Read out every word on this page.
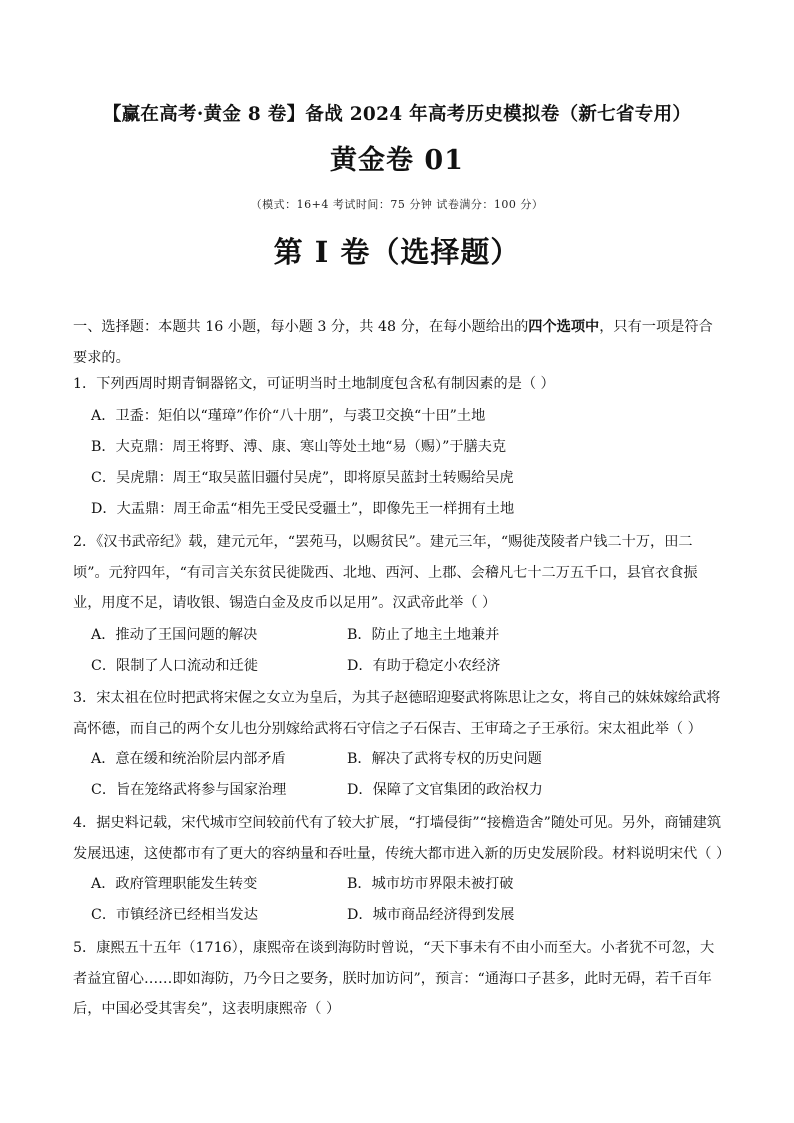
【赢在高考·黄金 8 卷】备战 2024 年高考历史模拟卷（新七省专用）
黄金卷 01
（模式：16+4 考试时间：75 分钟 试卷满分：100 分）
第 I 卷（选择题）
一、选择题：本题共 16 小题，每小题 3 分，共 48 分，在每小题给出的四个选项中，只有一项是符合要求的。
1．下列西周时期青铜器铭文，可证明当时土地制度包含私有制因素的是（ ）
A．卫盉：矩伯以“瑾璋”作价“八十朋”，与裘卫交换“十田”土地
B．大克鼎：周王将野、溥、康、寒山等处土地“易（赐）”于膳夫克
C．吴虎鼎：周王“取吴蓝旧疆付吴虎”，即将原吴蓝封土转赐给吴虎
D．大盂鼎：周王命盂“相先王受民受疆土”，即像先王一样拥有土地
2．《汉书武帝纪》载，建元元年，“罢苑马，以赐贫民”。建元三年，“赐徙茂陵者户钱二十万，田二顷”。元狩四年，“有司言关东贫民徙陇西、北地、西河、上郡、会稽凡七十二万五千口，县官衣食振业，用度不足，请收银、锡造白金及皮币以足用”。汉武帝此举（ ）
A．推动了王国问题的解决	B．防止了地主土地兼并
C．限制了人口流动和迁徙	D．有助于稳定小农经济
3．宋太祖在位时把武将宋偓之女立为皇后，为其子赵德昭迎娶武将陈思让之女，将自己的妹妹嫁给武将高怀德，而自己的两个女儿也分别嫁给武将石守信之子石保吉、王审琦之子王承衍。宋太祖此举（ ）
A．意在缓和统治阶层内部矛盾	B．解决了武将专权的历史问题
C．旨在笼络武将参与国家治理	D．保障了文官集团的政治权力
4．据史料记载，宋代城市空间较前代有了较大扩展，“打墙侵街”“接檐造舍”随处可见。另外，商铺建筑发展迅速，这使都市有了更大的容纳量和吞吐量，传统大都市进入新的历史发展阶段。材料说明宋代（ ）
A．政府管理职能发生转变	B．城市坊市界限未被打破
C．市镇经济已经相当发达	D．城市商品经济得到发展
5．康熙五十五年（1716），康熙帝在谈到海防时曾说，“天下事未有不由小而至大。小者犹不可忽，大者益宜留心……即如海防，乃今日之要务，朕时加访问”，预言：“通海口子甚多，此时无碍，若千百年后，中国必受其害矣”，这表明康熙帝（ ）
